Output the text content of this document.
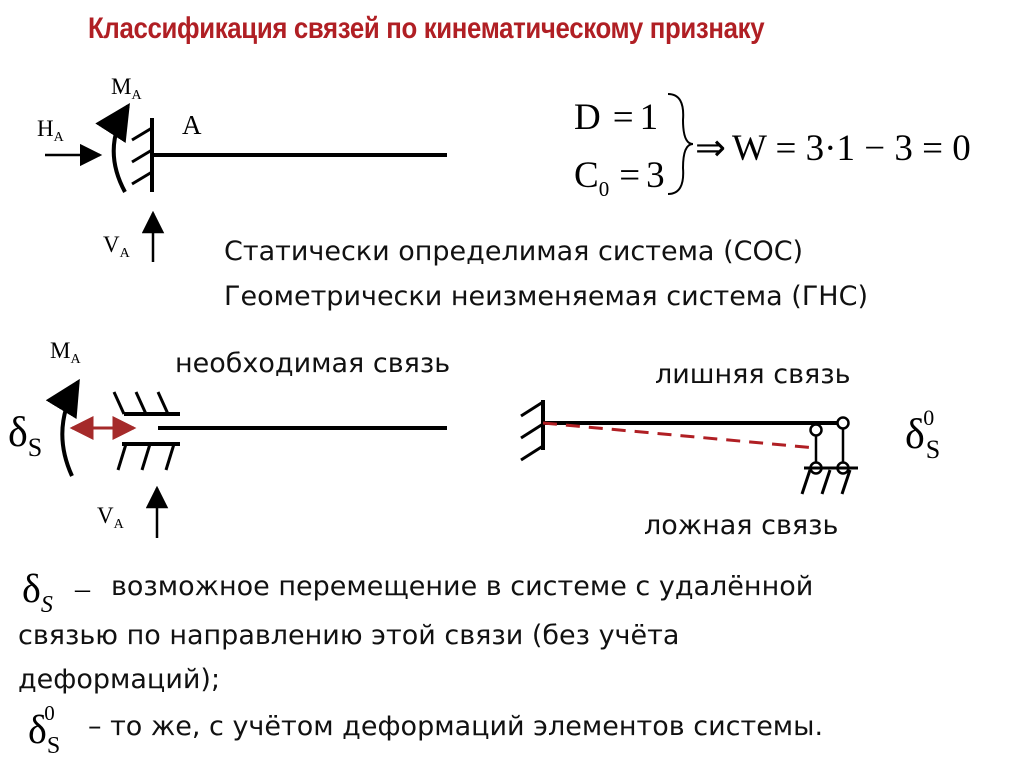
Классификация связей по кинематическому признаку
$M_A$
$H_A$
$V_A$
A	D = 1
$C_0 = 3$
⇒ W = 3·1 − 3 = 0
$M_A$
$\delta_S$
$V_A$
$\delta_S0$
$\delta_S$ –
$\delta_S0$
Статически определимая система (СОС)
Геометрически неизменяемая система (ГНС)
необходимая связь	лишняя связь
ложная связь
возможное перемещение в системе с удалённой
связью по направлению этой связи (без учёта
деформаций);
– то же, с учётом деформаций элементов системы.
